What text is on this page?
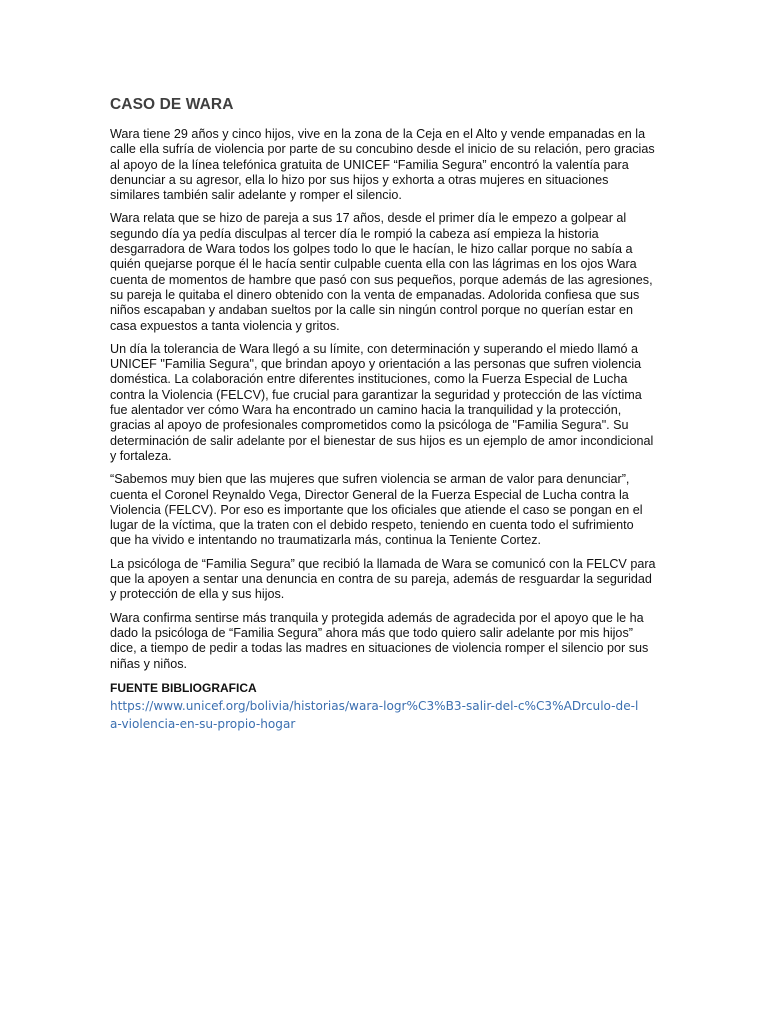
CASO DE WARA

Wara tiene 29 años y cinco hijos, vive en la zona de la Ceja en el Alto y vende empanadas en la calle ella sufría de violencia por parte de su concubino desde el inicio de su relación, pero gracias al apoyo de la línea telefónica gratuita de UNICEF “Familia Segura” encontró la valentía para denunciar a su agresor, ella lo hizo por sus hijos y exhorta a otras mujeres en situaciones similares también salir adelante y romper el silencio.

Wara relata que se hizo de pareja a sus 17 años, desde el primer día le empezo a golpear al segundo día ya pedía disculpas al tercer día le rompió la cabeza así empieza la historia desgarradora de Wara todos los golpes todo lo que le hacían, le hizo callar porque no sabía a quién quejarse porque él le hacía sentir culpable cuenta ella con las lágrimas en los ojos Wara cuenta de momentos de hambre que pasó con sus pequeños, porque además de las agresiones, su pareja le quitaba el dinero obtenido con la venta de empanadas. Adolorida confiesa que sus niños escapaban y andaban sueltos por la calle sin ningún control porque no querían estar en casa expuestos a tanta violencia y gritos.

Un día la tolerancia de Wara llegó a su límite, con determinación y superando el miedo llamó a UNICEF "Familia Segura", que brindan apoyo y orientación a las personas que sufren violencia doméstica. La colaboración entre diferentes instituciones, como la Fuerza Especial de Lucha contra la Violencia (FELCV), fue crucial para garantizar la seguridad y protección de las víctima fue alentador ver cómo Wara ha encontrado un camino hacia la tranquilidad y la protección, gracias al apoyo de profesionales comprometidos como la psicóloga de "Familia Segura". Su determinación de salir adelante por el bienestar de sus hijos es un ejemplo de amor incondicional y fortaleza.

“Sabemos muy bien que las mujeres que sufren violencia se arman de valor para denunciar”, cuenta el Coronel Reynaldo Vega, Director General de la Fuerza Especial de Lucha contra la Violencia (FELCV). Por eso es importante que los oficiales que atiende el caso se pongan en el lugar de la víctima, que la traten con el debido respeto, teniendo en cuenta todo el sufrimiento que ha vivido e intentando no traumatizarla más, continua la Teniente Cortez.

La psicóloga de “Familia Segura” que recibió la llamada de Wara se comunicó con la FELCV para que la apoyen a sentar una denuncia en contra de su pareja, además de resguardar la seguridad y protección de ella y sus hijos.

Wara confirma sentirse más tranquila y protegida además de agradecida por el apoyo que le ha dado la psicóloga de “Familia Segura” ahora más que todo quiero salir adelante por mis hijos” dice, a tiempo de pedir a todas las madres en situaciones de violencia romper el silencio por sus niñas y niños.

FUENTE BIBLIOGRAFICA
https://www.unicef.org/bolivia/historias/wara-logr%C3%B3-salir-del-c%C3%ADrculo-de-la-violencia-en-su-propio-hogar
